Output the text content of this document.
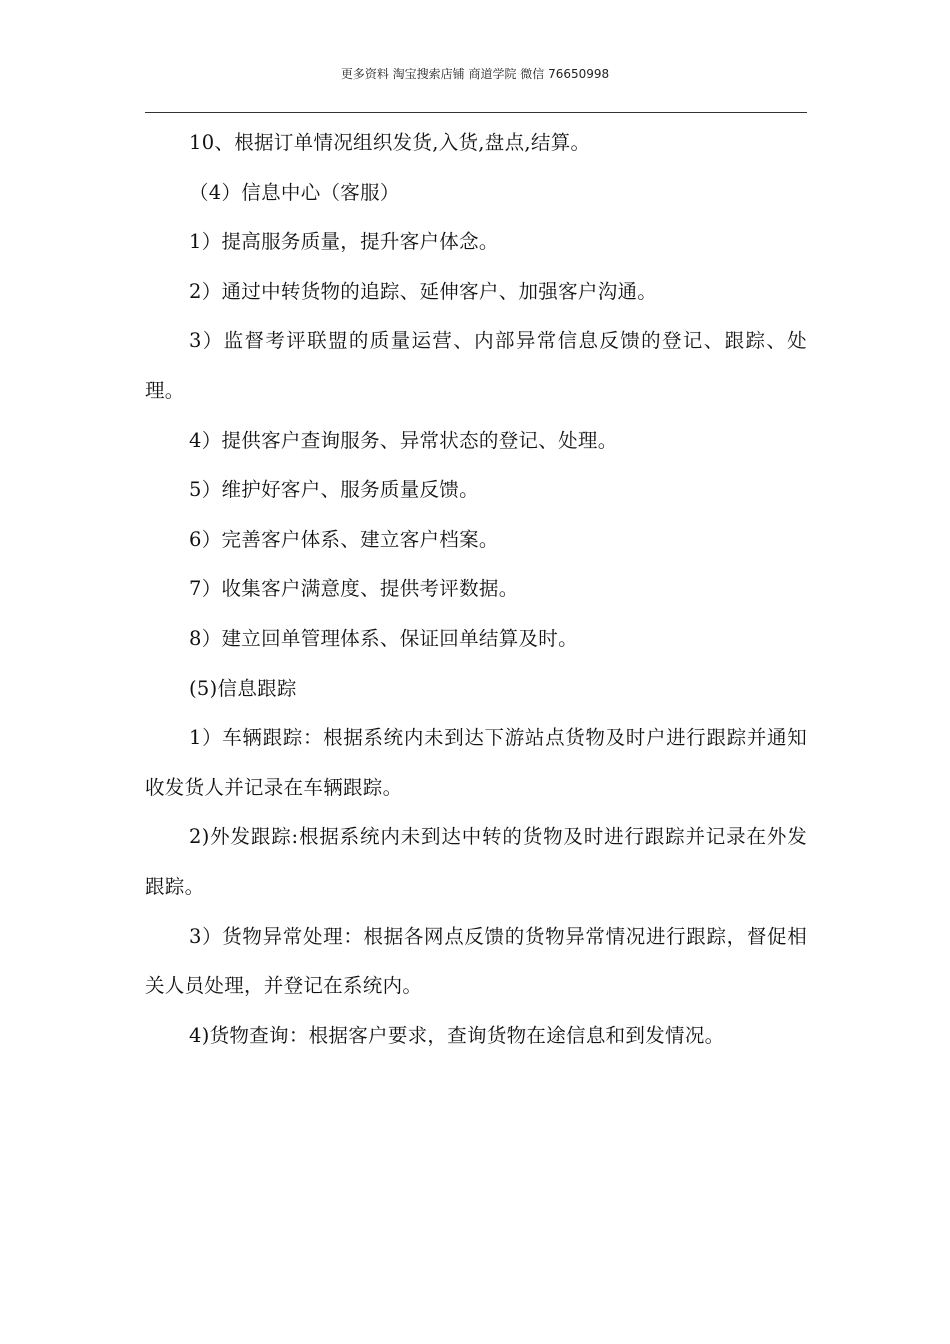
更多资料 淘宝搜索店铺 商道学院 微信 76650998

10、根据订单情况组织发货,入货,盘点,结算。

（4）信息中心（客服）

1）提高服务质量，提升客户体念。

2）通过中转货物的追踪、延伸客户、加强客户沟通。

3）监督考评联盟的质量运营、内部异常信息反馈的登记、跟踪、处理。

4）提供客户查询服务、异常状态的登记、处理。

5）维护好客户、服务质量反馈。

6）完善客户体系、建立客户档案。

7）收集客户满意度、提供考评数据。

8）建立回单管理体系、保证回单结算及时。

(5)信息跟踪

1）车辆跟踪：根据系统内未到达下游站点货物及时户进行跟踪并通知收发货人并记录在车辆跟踪。

2)外发跟踪:根据系统内未到达中转的货物及时进行跟踪并记录在外发跟踪。

3）货物异常处理：根据各网点反馈的货物异常情况进行跟踪，督促相关人员处理，并登记在系统内。

4)货物查询：根据客户要求，查询货物在途信息和到发情况。
